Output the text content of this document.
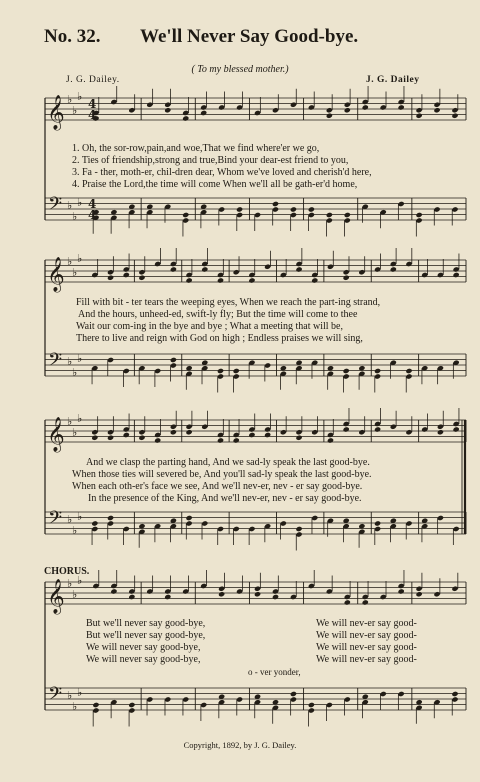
No. 32. We'll Never Say Good-bye.
( To my blessed mother.)
J. G. Dailey.	J. G. Dailey
𝄞
𝄢
♭
♭
♭
♭
♭
♭
4
4
4
4
𝄞
𝄢
♭
♭
♭
♭
♭
♭
𝄞
𝄢
♭
♭
♭
♭
♭
♭
𝄞
𝄢
♭
♭
♭
♭
♭
♭
1. Oh, the sor-row,pain,and woe,That we find where'er we go,
2. Ties of friendship,strong and true,Bind your dear-est friend to you,
3. Fa - ther, moth-er, chil-dren dear, Whom we've loved and cherish'd here,
4. Praise the Lord,the time will come When we'll all be gath-er'd home,
Fill with bit - ter tears the weeping eyes, When we reach the part-ing strand,
And the hours, unheed-ed, swift-ly fly; But the time will come to thee
Wait our com-ing in the bye and bye ; What a meeting that will be,
There to live and reign with God on high ; Endless praises we will sing,
And we clasp the parting hand, And we sad-ly speak the last good-bye.
When those ties will severed be, And you'll sad-ly speak the last good-bye.
When each oth-er's face we see, And we'll nev-er, nev - er say good-bye.
In the presence of the King, And we'll nev-er, nev - er say good-bye.
CHORUS.
But we'll never say good-bye,
But we'll never say good-bye,
We will never say good-bye,
We will never say good-bye,
We will nev-er say good-
We will nev-er say good-
We will nev-er say good-
We will nev-er say good-
o - ver yonder,
Copyright, 1892, by J. G. Dailey.
